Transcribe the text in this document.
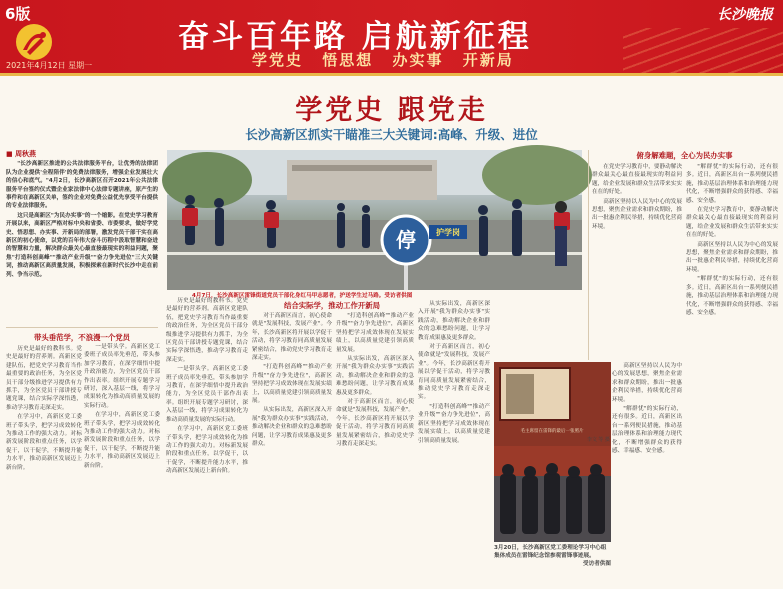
6版
奋斗百年路 启航新征程
学党史 悟思想 办实事 开新局
2021年4月12日 星期一
长沙晚报
学党史 跟党走
长沙高新区抓实干瞄准三大关键词:高峰、升级、进位
■ 周秋燕

"长沙高新区推进的公共法律服务平台，让优秀的法律团队为企业提供'全程陪伴'的免费法律服务，增强企业发展壮大的信心和底气。"4月2日，长沙高新区召开2021年公共法律服务平台签约仪式暨企业家法律中心法律专题讲座，原产生的事件和在高新区关单，签约企业对免费公益优先享受平台提供的专业法律服务。

这只是高新区"为民办实事"的一个缩影。在党史学习教育开展以来，高新区严格对标中央和省委、市委要求，做好学党史、悟思想、办实事、开新局的部署，激发党员干部干实在高新区的初心使命，以党的百年伟大奋斗历程中汲取智慧和奋进的智慧和力量，解决群众最关心最直接最现实的利益问题，聚焦"打造科创高峰""推动产业升级""奋力争先进位"三大关键词，推动高新区高质量发展，积极探索在新时代长沙中走在前列、争当示范。

带头垂范学，不浪漫一个党员

历史是最好的教科书。党史是最好的营养剂。高新区党建队伍，把党史学习教育当作最重要的政治任务，为全区党员干部分级推进学习提供有力抓手，为全区党员干部讲授专题党课，结合实际学深悟透，推动学习教育走深走实。

在学习中，高新区党工委班子带头学，把学习成效转化为推动工作的强大动力。对标新发展阶段和重点任务，以学促干，以干促学，不断提升能力水平，推动高新区发展迈上新台阶。

一是带头学。高新区党工委班子成员率先垂范，带头参加学习教育，在深学细悟中提升政治能力，为全区党员干部作出表率。组织开展专题学习研讨，深入基层一线，将学习成果转化为推动高质量发展的实际行动。

在学习中，高新区党工委班子带头学，把学习成效转化为推动工作的强大动力。对标新发展阶段和重点任务，以学促干，以干促学，不断提升能力水平，推动高新区发展迈上新台阶。

历史是最好的教科书。党史是最好的营养剂。高新区党建队伍，把党史学习教育当作最重要的政治任务，为全区党员干部分级推进学习提供有力抓手，为全区党员干部讲授专题党课，结合实际学深悟透，推动学习教育走深走实。

一是带头学。高新区党工委班子成员率先垂范，带头参加学习教育，在深学细悟中提升政治能力，为全区党员干部作出表率。组织开展专题学习研讨，深入基层一线，将学习成果转化为推动高质量发展的实际行动。

在学习中，高新区党工委班子带头学，把学习成效转化为推动工作的强大动力。对标新发展阶段和重点任务，以学促干，以干促学，不断提升能力水平，推动高新区发展迈上新台阶。

结合实际学，推动工作开新局

对于高新区而言，初心使命就是"发展科技，发展产业"。今年，长沙高新区将开展以学促干活动，将学习教育同高质量发展紧密结合，推动党史学习教育走深走实。

"打造科创高峰""推动产业升级""奋力争先进位"，高新区坚持把学习成效体现在发展实绩上，以高质量党建引领高质量发展。

从实际出发，高新区深入开展"我为群众办实事"实践活动，推动解决企业和群众的急难愁盼问题，让学习教育成果惠及更多群众。

"打造科创高峰""推动产业升级""奋力争先进位"，高新区坚持把学习成效体现在发展实绩上，以高质量党建引领高质量发展。

从实际出发，高新区深入开展"我为群众办实事"实践活动，推动解决企业和群众的急难愁盼问题，让学习教育成果惠及更多群众。

对于高新区而言，初心使命就是"发展科技，发展产业"。今年，长沙高新区将开展以学促干活动，将学习教育同高质量发展紧密结合，推动党史学习教育走深走实。

从实际出发，高新区深入开展"我为群众办实事"实践活动，推动解决企业和群众的急难愁盼问题，让学习教育成果惠及更多群众。

对于高新区而言，初心使命就是"发展科技，发展产业"。今年，长沙高新区将开展以学促干活动，将学习教育同高质量发展紧密结合，推动党史学习教育走深走实。

"打造科创高峰""推动产业升级""奋力争先进位"，高新区坚持把学习成效体现在发展实绩上，以高质量党建引领高质量发展。

俯身解难题，全心为民办实事

在党史学习教育中，要静动解决群众最关心最直接最现实的利益问题，给企业发展和群众生活带来实实在在的好处。

高新区坚持以人民为中心的发展思想，聚焦企业需求和群众期盼，推出一批惠企利民举措，持续优化营商环境。

"解群忧"的实际行动，还有很多。近日，高新区出台一系列便民措施，推动基层治理体系和治理能力现代化，不断增强群众的获得感、幸福感、安全感。

在党史学习教育中，要静动解决群众最关心最直接最现实的利益问题，给企业发展和群众生活带来实实在在的好处。

高新区坚持以人民为中心的发展思想，聚焦企业需求和群众期盼，推出一批惠企利民举措，持续优化营商环境。

"解群忧"的实际行动，还有很多。近日，高新区出台一系列便民措施，推动基层治理体系和治理能力现代化，不断增强群众的获得感、幸福感、安全感。

高新区坚持以人民为中心的发展思想，聚焦企业需求和群众期盼，推出一批惠企利民举措，持续优化营商环境。

"解群忧"的实际行动，还有很多。近日，高新区出台一系列便民措施，推动基层治理体系和治理能力现代化，不断增强群众的获得感、幸福感、安全感。

停	护学岗
4月7日，长沙高新区雷锋街道党员干部化身红马甲志愿者，护送学生过马路。受访者供图
毛主席留在雷锋的最后一张照片
3月20日，长沙高新区党工委理论学习中心组集体成员在雷锋纪念馆参观雷锋事迹展。
受访者供图
李文 等 摄
